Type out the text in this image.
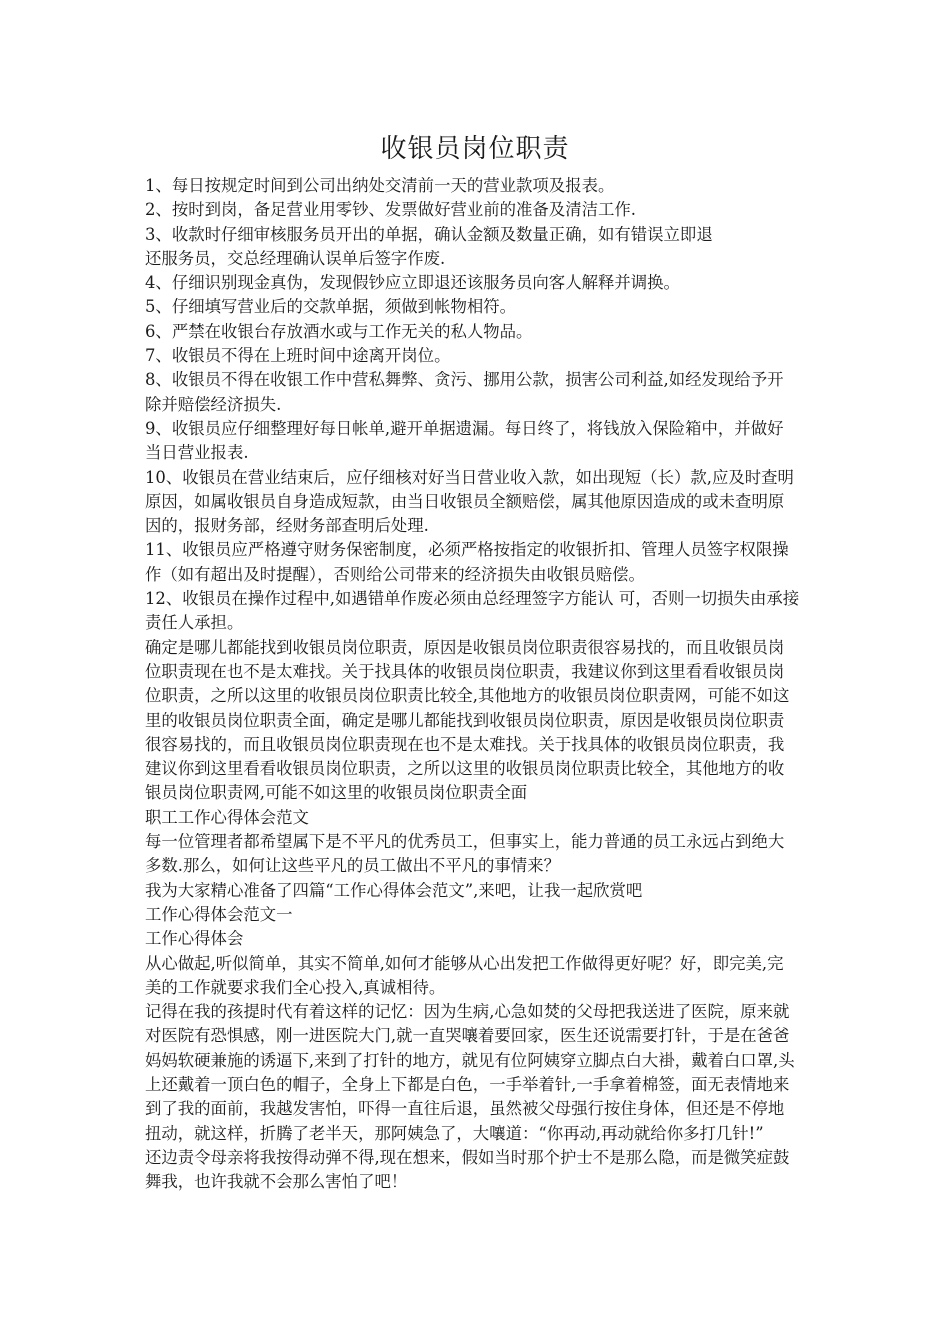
收银员岗位职责
1、每日按规定时间到公司出纳处交清前一天的营业款项及报表。
2、按时到岗，备足营业用零钞、发票做好营业前的准备及清洁工作.
3、收款时仔细审核服务员开出的单据，确认金额及数量正确，如有错误立即退
还服务员，交总经理确认误单后签字作废.
4、仔细识别现金真伪，发现假钞应立即退还该服务员向客人解释并调换。
5、仔细填写营业后的交款单据，须做到帐物相符。
6、严禁在收银台存放酒水或与工作无关的私人物品。
7、收银员不得在上班时间中途离开岗位。
8、收银员不得在收银工作中营私舞弊、贪污、挪用公款，损害公司利益,如经发现给予开
除并赔偿经济损失.
9、收银员应仔细整理好每日帐单,避开单据遗漏。每日终了，将钱放入保险箱中，并做好
当日营业报表.
10、收银员在营业结束后，应仔细核对好当日营业收入款，如出现短（长）款,应及时查明
原因，如属收银员自身造成短款，由当日收银员全额赔偿，属其他原因造成的或未查明原
因的，报财务部，经财务部查明后处理.
11、收银员应严格遵守财务保密制度，必须严格按指定的收银折扣、管理人员签字权限操
作（如有超出及时提醒），否则给公司带来的经济损失由收银员赔偿。
12、收银员在操作过程中,如遇错单作废必须由总经理签字方能认 可，否则一切损失由承接
责任人承担。
确定是哪儿都能找到收银员岗位职责，原因是收银员岗位职责很容易找的，而且收银员岗
位职责现在也不是太难找。关于找具体的收银员岗位职责，我建议你到这里看看收银员岗
位职责，之所以这里的收银员岗位职责比较全,其他地方的收银员岗位职责网，可能不如这
里的收银员岗位职责全面，确定是哪儿都能找到收银员岗位职责，原因是收银员岗位职责
很容易找的，而且收银员岗位职责现在也不是太难找。关于找具体的收银员岗位职责，我
建议你到这里看看收银员岗位职责，之所以这里的收银员岗位职责比较全，其他地方的收
银员岗位职责网,可能不如这里的收银员岗位职责全面
职工工作心得体会范文
每一位管理者都希望属下是不平凡的优秀员工，但事实上，能力普通的员工永远占到绝大
多数.那么，如何让这些平凡的员工做出不平凡的事情来？
我为大家精心准备了四篇“工作心得体会范文”,来吧，让我一起欣赏吧
工作心得体会范文一
工作心得体会
从心做起,听似简单，其实不简单,如何才能够从心出发把工作做得更好呢？好，即完美,完
美的工作就要求我们全心投入,真诚相待。
记得在我的孩提时代有着这样的记忆：因为生病,心急如焚的父母把我送进了医院，原来就
对医院有恐惧感，刚一进医院大门,就一直哭嚷着要回家，医生还说需要打针，于是在爸爸
妈妈软硬兼施的诱逼下,来到了打针的地方，就见有位阿姨穿立脚点白大褂，戴着白口罩,头
上还戴着一顶白色的帽子，全身上下都是白色，一手举着针,一手拿着棉签，面无表情地来
到了我的面前，我越发害怕，吓得一直往后退，虽然被父母强行按住身体，但还是不停地
扭动，就这样，折腾了老半天，那阿姨急了，大嚷道：“你再动,再动就给你多打几针!”
还边责令母亲将我按得动弹不得,现在想来，假如当时那个护士不是那么隐，而是微笑症鼓
舞我，也许我就不会那么害怕了吧！
